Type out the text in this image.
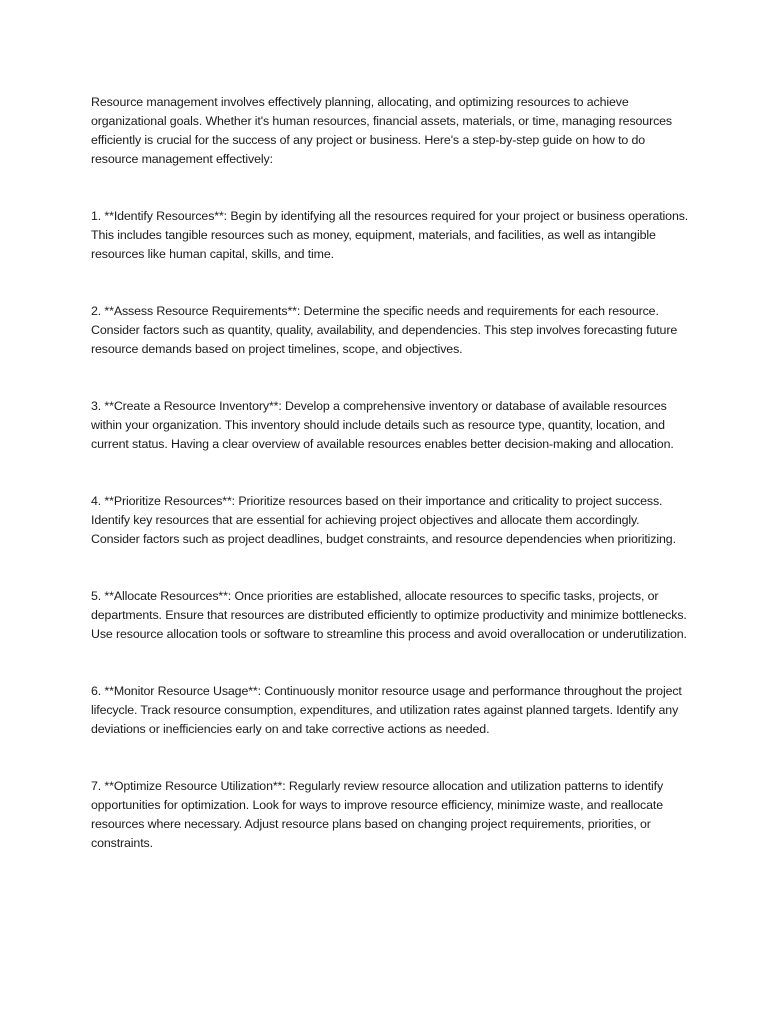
Resource management involves effectively planning, allocating, and optimizing resources to achieve organizational goals. Whether it's human resources, financial assets, materials, or time, managing resources efficiently is crucial for the success of any project or business. Here's a step-by-step guide on how to do resource management effectively:

1. **Identify Resources**: Begin by identifying all the resources required for your project or business operations. This includes tangible resources such as money, equipment, materials, and facilities, as well as intangible resources like human capital, skills, and time.

2. **Assess Resource Requirements**: Determine the specific needs and requirements for each resource. Consider factors such as quantity, quality, availability, and dependencies. This step involves forecasting future resource demands based on project timelines, scope, and objectives.

3. **Create a Resource Inventory**: Develop a comprehensive inventory or database of available resources within your organization. This inventory should include details such as resource type, quantity, location, and current status. Having a clear overview of available resources enables better decision-making and allocation.

4. **Prioritize Resources**: Prioritize resources based on their importance and criticality to project success. Identify key resources that are essential for achieving project objectives and allocate them accordingly. Consider factors such as project deadlines, budget constraints, and resource dependencies when prioritizing.

5. **Allocate Resources**: Once priorities are established, allocate resources to specific tasks, projects, or departments. Ensure that resources are distributed efficiently to optimize productivity and minimize bottlenecks. Use resource allocation tools or software to streamline this process and avoid overallocation or underutilization.

6. **Monitor Resource Usage**: Continuously monitor resource usage and performance throughout the project lifecycle. Track resource consumption, expenditures, and utilization rates against planned targets. Identify any deviations or inefficiencies early on and take corrective actions as needed.

7. **Optimize Resource Utilization**: Regularly review resource allocation and utilization patterns to identify opportunities for optimization. Look for ways to improve resource efficiency, minimize waste, and reallocate resources where necessary. Adjust resource plans based on changing project requirements, priorities, or constraints.
